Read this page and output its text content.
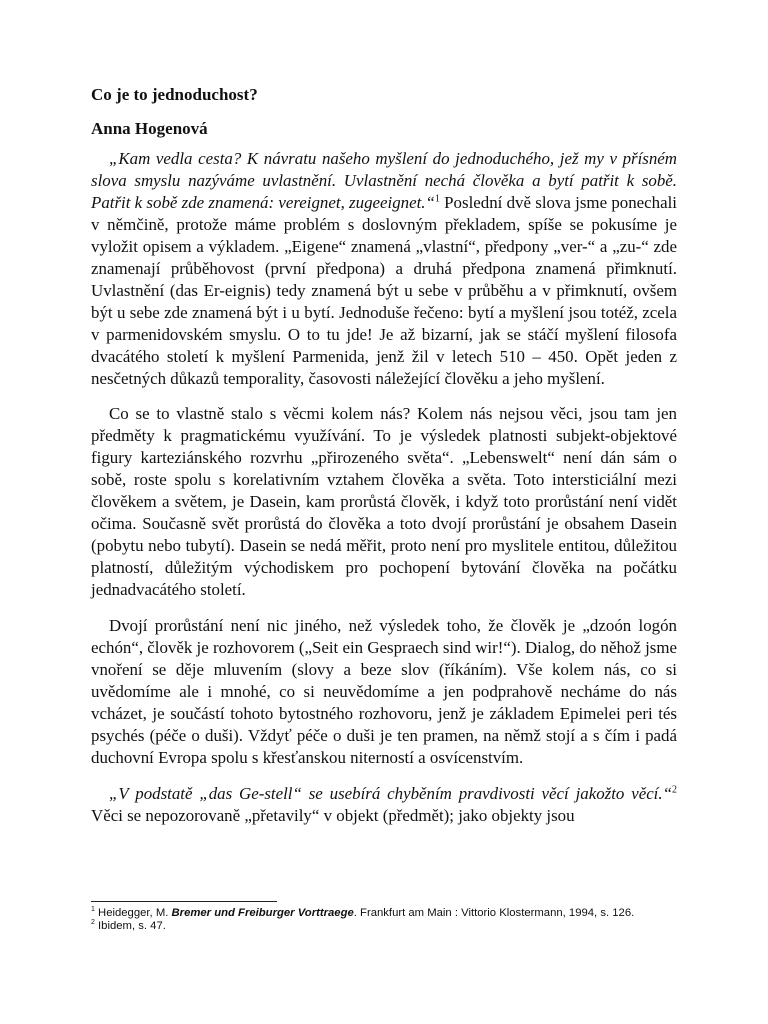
Co je to jednoduchost?
Anna Hogenová

„Kam vedla cesta? K návratu našeho myšlení do jednoduchého, jež my v přísném slova smyslu nazýváme uvlastnění. Uvlastnění nechá člověka a bytí patřit k sobě. Patřit k sobě zde znamená: vereignet, zugeeignet.“$^1$ Poslední dvě slova jsme ponechali v němčině, protože máme problém s doslovným překladem, spíše se pokusíme je vyložit opisem a výkladem. „Eigene“ znamená „vlastní“, předpony „ver-“ a „zu-“ zde znamenají průběhovost (první předpona) a druhá předpona znamená přimknutí. Uvlastnění (das Er-eignis) tedy znamená být u sebe v průběhu a v přimknutí, ovšem být u sebe zde znamená být i u bytí. Jednoduše řečeno: bytí a myšlení jsou totéž, zcela v parmenidovském smyslu. O to tu jde! Je až bizarní, jak se stáčí myšlení filosofa dvacátého století k myšlení Parmenida, jenž žil v letech 510 – 450. Opět jeden z nesčetných důkazů temporality, časovosti náležející člověku a jeho myšlení.

Co se to vlastně stalo s věcmi kolem nás? Kolem nás nejsou věci, jsou tam jen předměty k pragmatickému využívání. To je výsledek platnosti subjekt-objektové figury karteziánského rozvrhu „přirozeného světa“. „Lebenswelt“ není dán sám o sobě, roste spolu s korelativním vztahem člověka a světa. Toto intersticiální mezi člověkem a světem, je Dasein, kam prorůstá člověk, i když toto prorůstání není vidět očima. Současně svět prorůstá do člověka a toto dvojí prorůstání je obsahem Dasein (pobytu nebo tubytí). Dasein se nedá měřit, proto není pro myslitele entitou, důležitou platností, důležitým východiskem pro pochopení bytování člověka na počátku jednadvacátého století.

Dvojí prorůstání není nic jiného, než výsledek toho, že člověk je „dzoón logón echón“, člověk je rozhovorem („Seit ein Gespraech sind wir!“). Dialog, do něhož jsme vnoření se děje mluvením (slovy a beze slov (říkáním). Vše kolem nás, co si uvědomíme ale i mnohé, co si neuvědomíme a jen podprahově necháme do nás vcházet, je součástí tohoto bytostného rozhovoru, jenž je základem Epimelei peri tés psychés (péče o duši). Vždyť péče o duši je ten pramen, na němž stojí a s čím i padá duchovní Evropa spolu s křesťanskou niterností a osvícenstvím.

„V podstatě „das Ge-stell“ se usebírá chyběním pravdivosti věcí jakožto věcí.“$^2$ Věci se nepozorovaně „přetavily“ v objekt (předmět); jako objekty jsou

$^1$ Heidegger, M. Bremer und Freiburger Vorttraege. Frankfurt am Main : Vittorio Klostermann, 1994, s. 126.
$^2$ Ibidem, s. 47.
